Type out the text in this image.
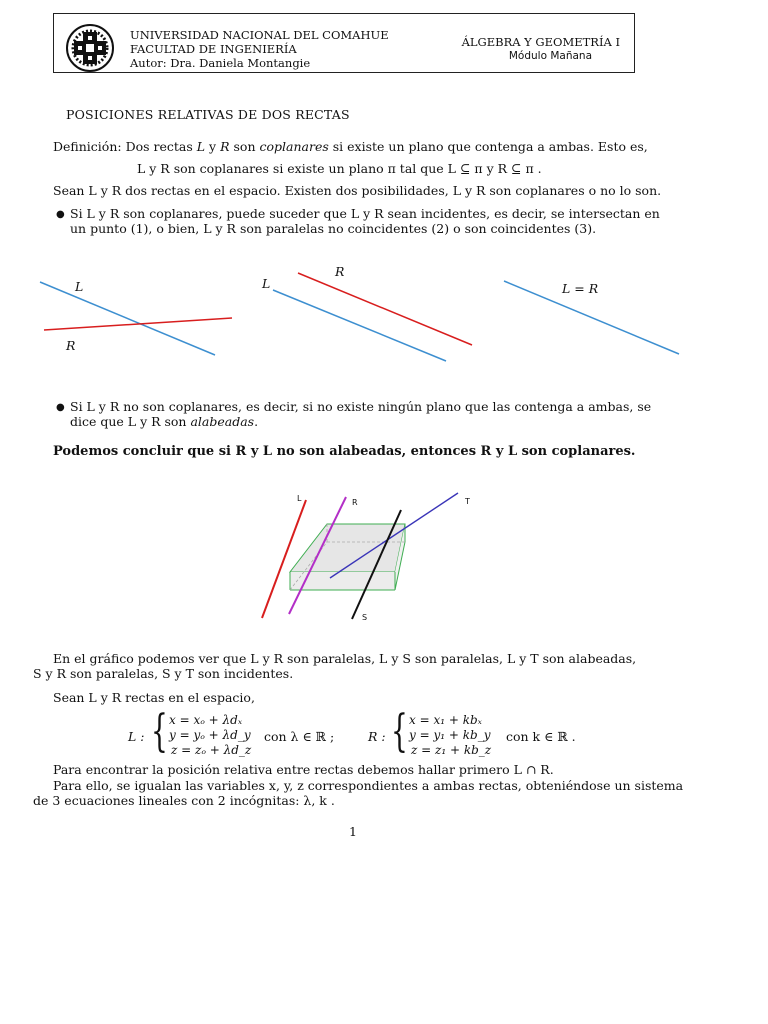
UNIVERSIDAD NACIONAL DEL COMAHUE
FACULTAD DE INGENIERÍA
Autor: Dra. Daniela Montangie
ÁLGEBRA Y GEOMETRÍA I
Módulo Mañana
POSICIONES RELATIVAS DE DOS RECTAS
Definición: Dos rectas L y R son coplanares si existe un plano que contenga a ambas. Esto es,
L y R son coplanares si existe un plano π tal que L ⊆ π y R ⊆ π .
Sean L y R dos rectas en el espacio. Existen dos posibilidades, L y R son coplanares o no lo son.
● Si L y R son coplanares, puede suceder que L y R sean incidentes, es decir, se intersectan en
un punto (1), o bien, L y R son paralelas no coincidentes (2) o son coincidentes (3).
L
R
L
R
L = R
● Si L y R no son coplanares, es decir, si no existe ningún plano que las contenga a ambas, se
dice que L y R son alabeadas.
Podemos concluir que si R y L no son alabeadas, entonces R y L son coplanares.
L	R	T
S
En el gráfico podemos ver que L y R son paralelas, L y S son paralelas, L y T son alabeadas,
S y R son paralelas, S y T son incidentes.
Sean L y R rectas en el espacio,
L : { x = xₒ + λdₓ
y = yₒ + λd_y
z = zₒ + λd_z
con λ ∈ ℝ ;	R : { x = x₁ + kbₓ
y = y₁ + kb_y
z = z₁ + kb_z
con k ∈ ℝ .
Para encontrar la posición relativa entre rectas debemos hallar primero L ∩ R.
Para ello, se igualan las variables x, y, z correspondientes a ambas rectas, obteniéndose un sistema
de 3 ecuaciones lineales con 2 incógnitas: λ, k .
1
